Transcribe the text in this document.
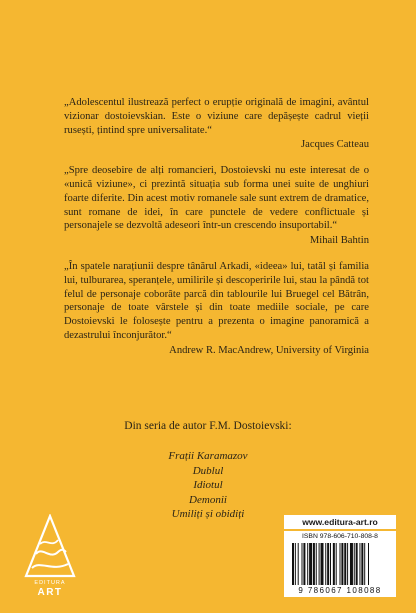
„Adolescentul ilustrează perfect o erupție originală de imagini, avântul vizionar dostoievskian. Este o viziune care depășește cadrul vieții rusești, țintind spre universalitate.“

Jacques Catteau

„Spre deosebire de alți romancieri, Dostoievski nu este interesat de o «unică viziune», ci prezintă situația sub forma unei suite de unghiuri foarte diferite. Din acest motiv romanele sale sunt extrem de dramatice, sunt romane de idei, în care punctele de vedere conflictuale și personajele se dezvoltă adeseori într-un crescendo insuportabil.“

Mihail Bahtin

„În spatele narațiunii despre tânărul Arkadi, «ideea» lui, tatăl și familia lui, tulburarea, speranțele, umilirile și descoperirile lui, stau la pândă tot felul de personaje coborâte parcă din tablourile lui Bruegel cel Bătrân, personaje de toate vârstele și din toate mediile sociale, pe care Dostoievski le folosește pentru a prezenta o imagine panoramică a dezastrului înconjurător.“

Andrew R. MacAndrew, University of Virginia
Din seria de autor F.M. Dostoievski:
Frații Karamazov
Dublul
Idiotul
Demonii
Umiliți și obidiți
EDITURA
ART
www.editura-art.ro
ISBN 978-606-710-808-8
9 786067 108088
